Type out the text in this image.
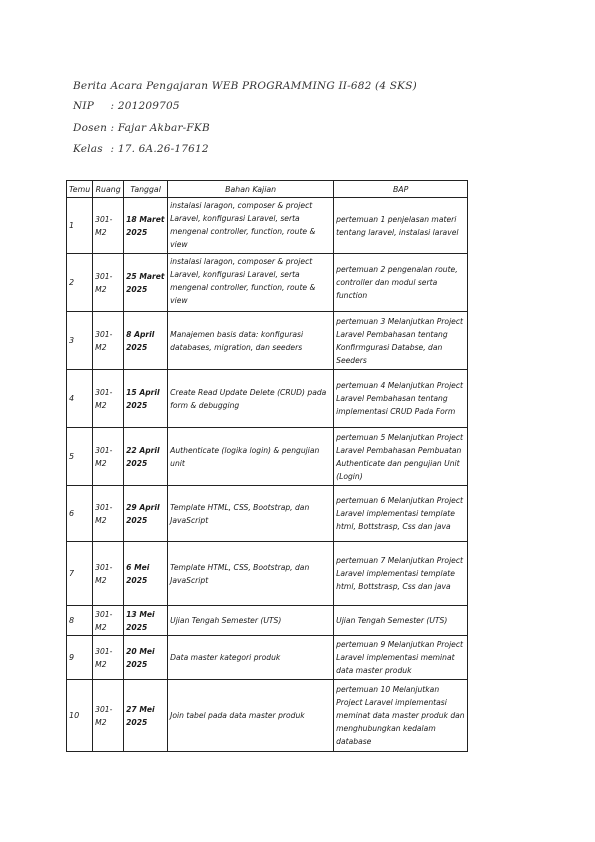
Berita Acara Pengajaran WEB PROGRAMMING II-682 (4 SKS)
NIP : 201209705
Dosen : Fajar Akbar-FKB
Kelas : 17. 6A.26-17612
Temu	Ruang	Tanggal	Bahan Kajian	BAP
1	301-M2	18 Maret 2025	instalasi laragon, composer & project Laravel, konfigurasi Laravel, serta mengenal controller, function, route & view	pertemuan 1 penjelasan materi tentang laravel, instalasi laravel
2	301-M2	25 Maret 2025	instalasi laragon, composer & project Laravel, konfigurasi Laravel, serta mengenal controller, function, route & view	pertemuan 2 pengenalan route, controller dan modul serta function
3	301-M2	8 April 2025	Manajemen basis data: konfigurasi databases, migration, dan seeders	pertemuan 3 Melanjutkan Project Laravel Pembahasan tentang Konfirmgurasi Databse, dan Seeders
4	301-M2	15 April 2025	Create Read Update Delete (CRUD) pada form & debugging	pertemuan 4 Melanjutkan Project Laravel Pembahasan tentang implementasi CRUD Pada Form
5	301-M2	22 April 2025	Authenticate (logika login) & pengujian unit	pertemuan 5 Melanjutkan Project Laravel Pembahasan Pembuatan Authenticate dan pengujian Unit (Login)
6	301-M2	29 April 2025	Template HTML, CSS, Bootstrap, dan JavaScript	pertemuan 6 Melanjutkan Project Laravel implementasi template html, Bottstrasp, Css dan java
7	301-M2	6 Mei 2025	Template HTML, CSS, Bootstrap, dan JavaScript	pertemuan 7 Melanjutkan Project Laravel implementasi template html, Bottstrasp, Css dan java
8	301-M2	13 Mei 2025	Ujian Tengah Semester (UTS)	Ujian Tengah Semester (UTS)
9	301-M2	20 Mei 2025	Data master kategori produk	pertemuan 9 Melanjutkan Project Laravel implementasi meminat data master produk
10	301-M2	27 Mei 2025	Join tabel pada data master produk	pertemuan 10 Melanjutkan Project Laravel implementasi meminat data master produk dan menghubungkan kedalam database
